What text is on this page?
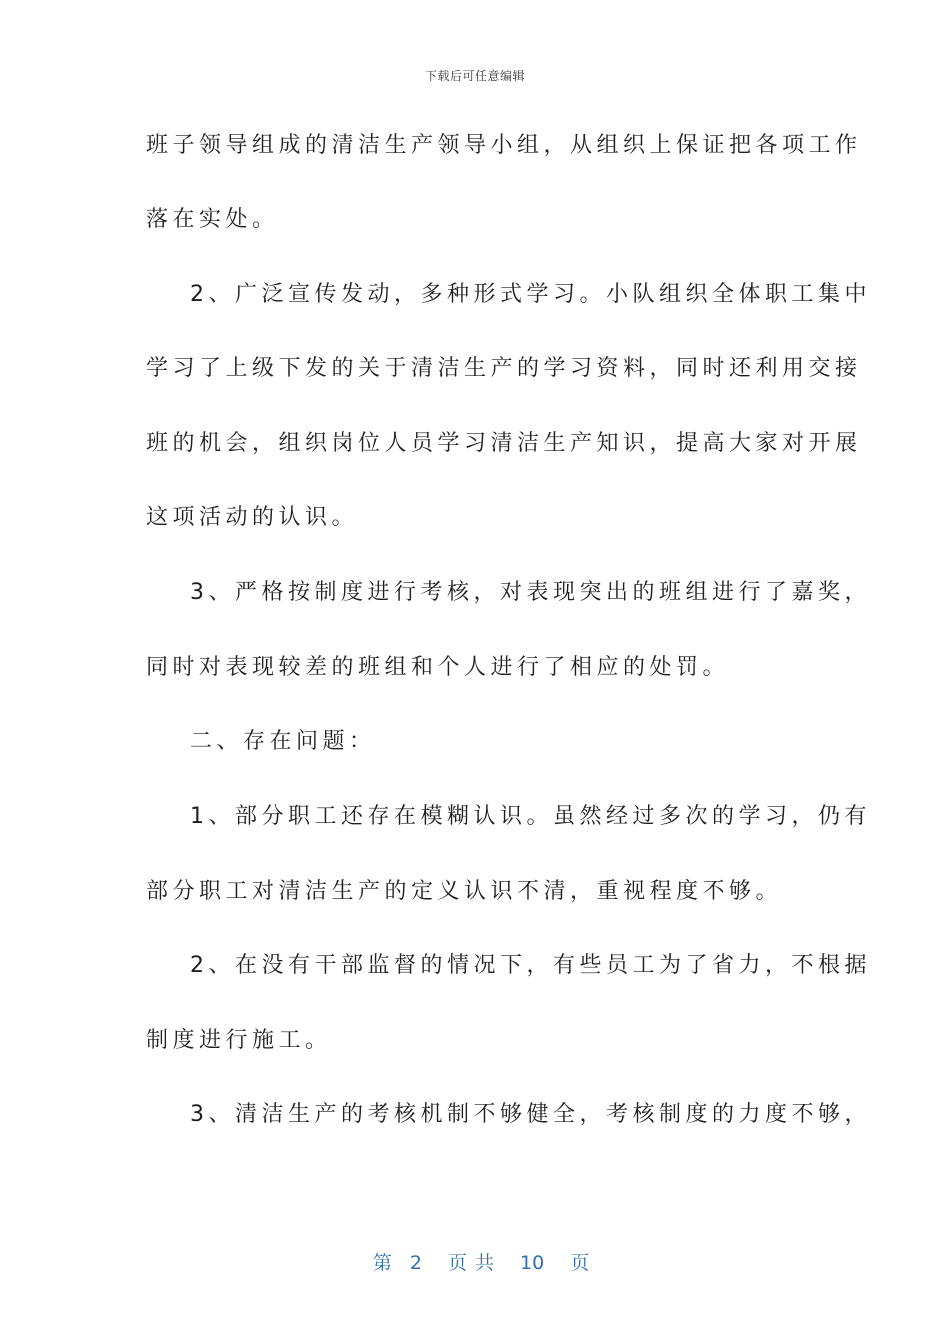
下载后可任意编辑
班子领导组成的清洁生产领导小组，从组织上保证把各项工作
落在实处。
2、广泛宣传发动，多种形式学习。小队组织全体职工集中
学习了上级下发的关于清洁生产的学习资料，同时还利用交接
班的机会，组织岗位人员学习清洁生产知识，提高大家对开展
这项活动的认识。
3、严格按制度进行考核，对表现突出的班组进行了嘉奖，
同时对表现较差的班组和个人进行了相应的处罚。
二、存在问题：
1、部分职工还存在模糊认识。虽然经过多次的学习，仍有
部分职工对清洁生产的定义认识不清，重视程度不够。
2、在没有干部监督的情况下，有些员工为了省力，不根据
制度进行施工。
3、清洁生产的考核机制不够健全，考核制度的力度不够，

第 2 页共 10 页
